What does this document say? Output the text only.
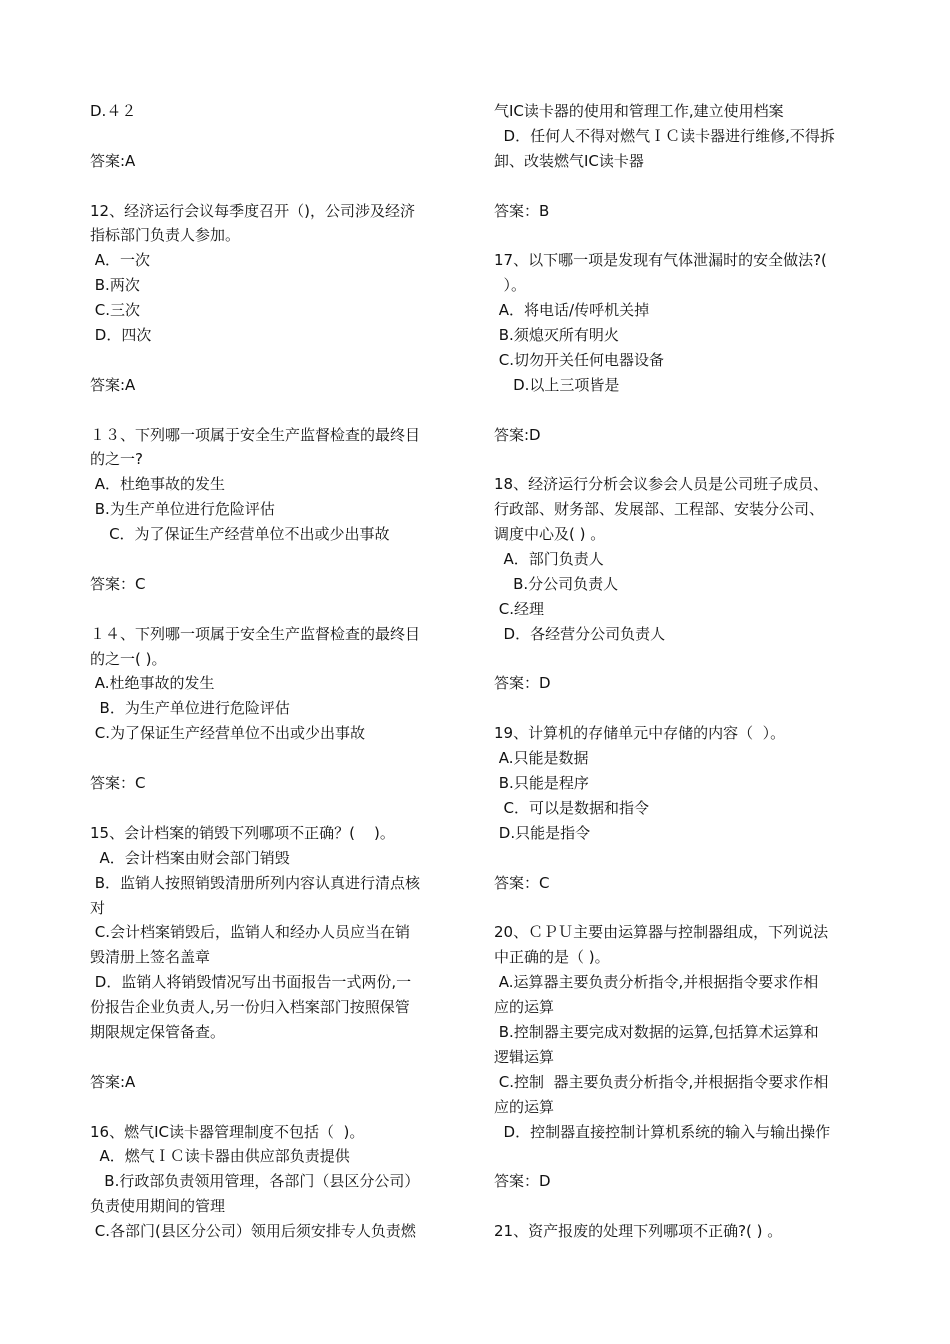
D.４２
答案:A
12、经济运行会议每季度召开（)，公司涉及经济
指标部门负责人参加。
A．一次
B.两次
C.三次
D．四次
答案:A
１３、下列哪一项属于安全生产监督检查的最终目
的之一?
A．杜绝事故的发生
B.为生产单位进行危险评估
C．为了保证生产经营单位不出或少出事故
答案：C
１４、下列哪一项属于安全生产监督检查的最终目
的之一( )。
A.杜绝事故的发生
B．为生产单位进行危险评估
C.为了保证生产经营单位不出或少出事故
答案：C
15、会计档案的销毁下列哪项不正确？(    )。
A．会计档案由财会部门销毁
B．监销人按照销毁清册所列内容认真进行清点核
对
C.会计档案销毁后，监销人和经办人员应当在销
毁清册上签名盖章
D．监销人将销毁情况写出书面报告一式两份,一
份报告企业负责人,另一份归入档案部门按照保管
期限规定保管备查。
答案:A
16、燃气IC读卡器管理制度不包括（  )。
A．燃气ＩＣ读卡器由供应部负责提供
B.行政部负责领用管理，各部门（县区分公司）
负责使用期间的管理
C.各部门(县区分公司）领用后须安排专人负责燃
气IC读卡器的使用和管理工作,建立使用档案
D．任何人不得对燃气ＩＣ读卡器进行维修,不得拆
卸、改装燃气IC读卡器
答案：B
17、以下哪一项是发现有气体泄漏时的安全做法?(
）。
A．将电话/传呼机关掉
B.须熄灭所有明火
C.切勿开关任何电器设备
D.以上三项皆是
答案:D
18、经济运行分析会议参会人员是公司班子成员、
行政部、财务部、发展部、工程部、安装分公司、
调度中心及( ) 。
A．部门负责人
B.分公司负责人
C.经理
D．各经营分公司负责人
答案：D
19、计算机的存储单元中存储的内容（  ）。
A.只能是数据
B.只能是程序
C．可以是数据和指令
D.只能是指令
答案：C
20、ＣＰＵ主要由运算器与控制器组成，下列说法
中正确的是（ )。
A.运算器主要负责分析指令,并根据指令要求作相
应的运算
B.控制器主要完成对数据的运算,包括算术运算和
逻辑运算
C.控制  器主要负责分析指令,并根据指令要求作相
应的运算
D．控制器直接控制计算机系统的输入与输出操作
答案：D
21、资产报废的处理下列哪项不正确?( ) 。
